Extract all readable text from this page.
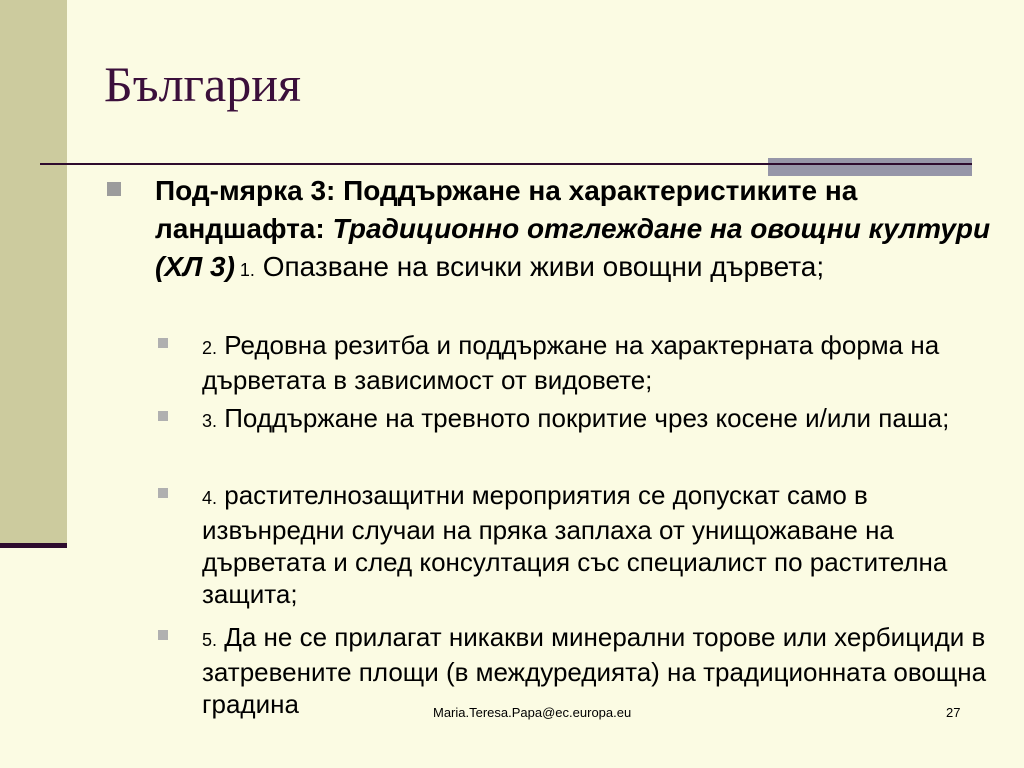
България
Под-мярка 3: Поддържане на характеристиките на ландшафта: Традиционно отглеждане на овощни култури (ХЛ 3) 1. Опазване на всички живи овощни дървета;
2. Редовна резитба и поддържане на характерната форма на дърветата в зависимост от видовете;
3. Поддържане на тревното покритие чрез косене и/или паша;
4. растителнозащитни мероприятия се допускат само в извънредни случаи на пряка заплаха от унищожаване на дърветата и след консултация със специалист по растителна защита;
5. Да не се прилагат никакви минерални торове или хербициди в затревените площи (в междуредията) на традиционната овощна градина	Maria.Teresa.Papa@ec.europa.eu	27
